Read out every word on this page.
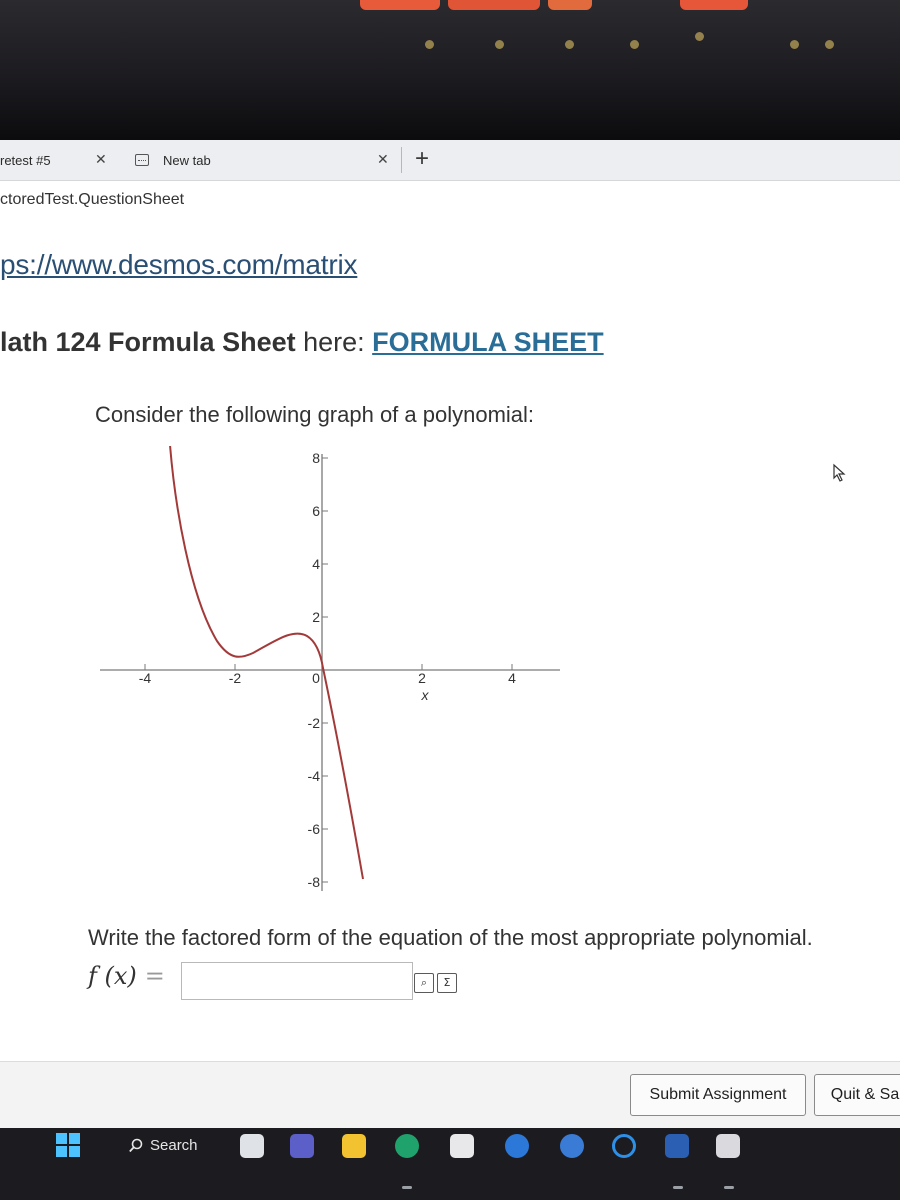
retest #5	✕	New tab	✕ +
ctoredTest.QuestionSheet
ps://www.desmos.com/matrix
lath 124 Formula Sheet here: FORMULA SHEET
Consider the following graph of a polynomial:
-4	-2	0	2	4
x
8
6
4
2
-2
-4
-6
-8
Write the factored form of the equation of the most appropriate polynomial.
f (x) =	⌕	Σ
Submit Assignment	Quit & Sa
Search
